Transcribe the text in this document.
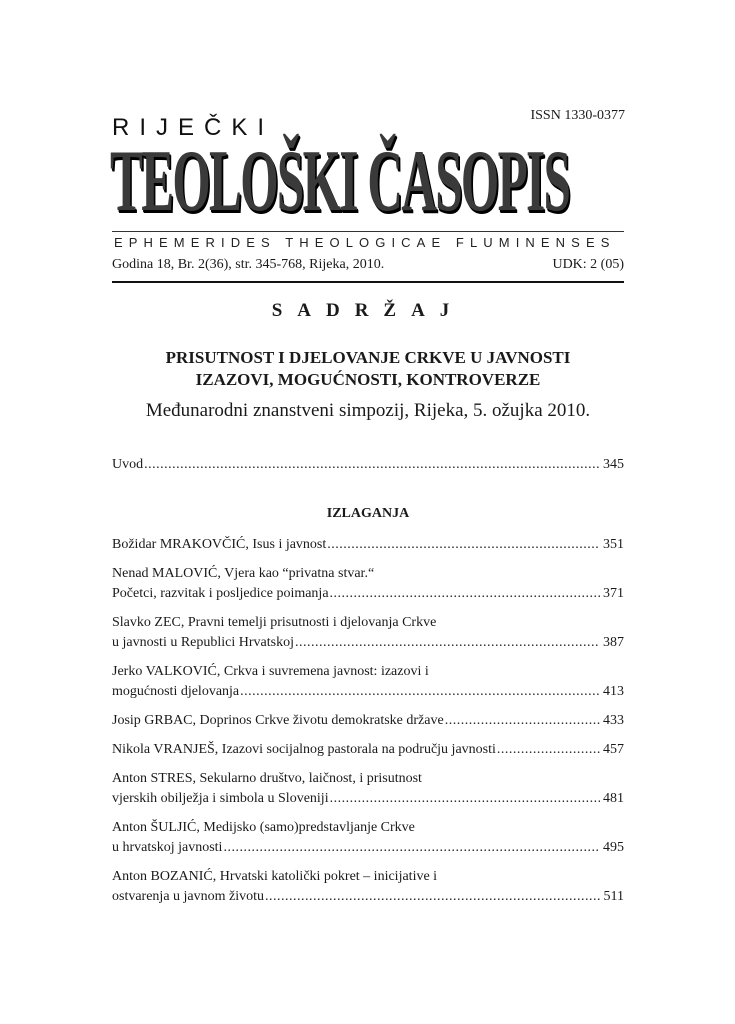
ISSN 1330-0377
RIJEČKI
TEOLOŠKI ČASOPIS
EPHEMERIDES THEOLOGICAE FLUMINENSES
Godina 18, Br. 2(36), str. 345-768, Rijeka, 2010.	UDK: 2 (05)
SADRŽAJ
PRISUTNOST I DJELOVANJE CRKVE U JAVNOSTI
IZAZOVI, MOGUĆNOSTI, KONTROVERZE
Međunarodni znanstveni simpozij, Rijeka, 5. ožujka 2010.
Uvod .....	345
IZLAGANJA
Božidar MRAKOVČIĆ, Isus i javnost .....	351
Nenad MALOVIĆ, Vjera kao “privatna stvar.“
Početci, razvitak i posljedice poimanja .....	371
Slavko ZEC, Pravni temelji prisutnosti i djelovanja Crkve
u javnosti u Republici Hrvatskoj .....	387
Jerko VALKOVIĆ, Crkva i suvremena javnost: izazovi i
mogućnosti djelovanja .....	413
Josip GRBAC, Doprinos Crkve životu demokratske države .....	433
Nikola VRANJEŠ, Izazovi socijalnog pastorala na području javnosti .....	457
Anton STRES, Sekularno društvo, laičnost, i prisutnost
vjerskih obilježja i simbola u Sloveniji .....	481
Anton ŠULJIĆ, Medijsko (samo)predstavljanje Crkve
u hrvatskoj javnosti .....	495
Anton BOZANIĆ, Hrvatski katolički pokret – inicijative i
ostvarenja u javnom životu .....	511
